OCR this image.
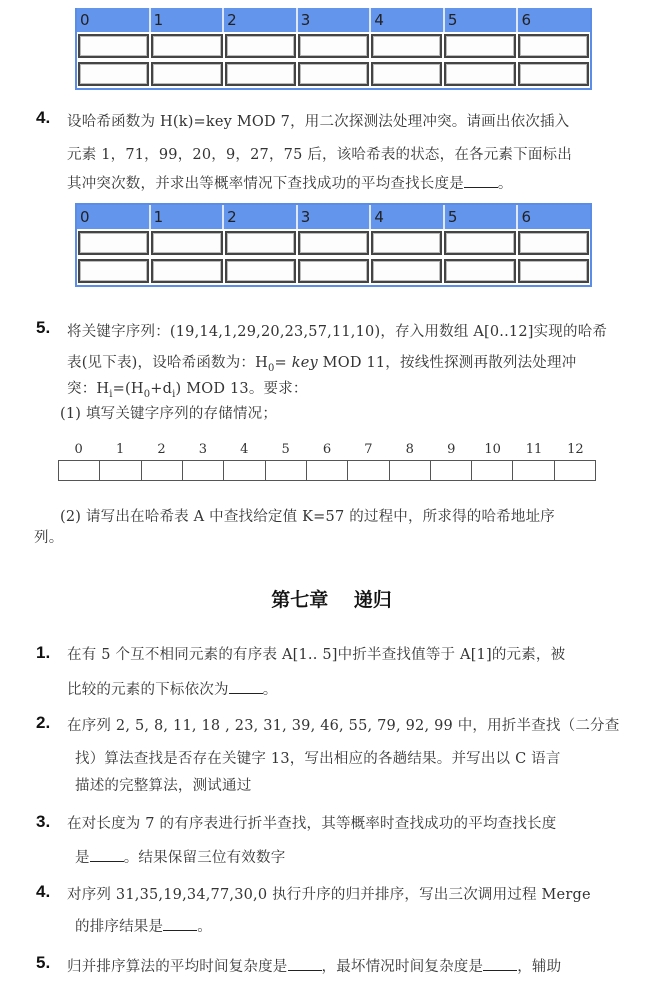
0	1	2	3	4	5	6
4. 设哈希函数为 H(k)=key MOD 7，用二次探测法处理冲突。请画出依次插入
元素 1，71，99，20，9，27，75 后，该哈希表的状态，在各元素下面标出
其冲突次数，并求出等概率情况下查找成功的平均查找长度是 。
0	1	2	3	4	5	6
5. 将关键字序列：(19,14,1,29,20,23,57,11,10)，存入用数组 A[0..12]实现的哈希
表(见下表)，设哈希函数为：$H_0=$ key MOD 11，按线性探测再散列法处理冲
突：$H_i=(H_0+d_i)$ MOD 13。要求：
(1) 填写关键字序列的存储情况；
0	1	2	3	4	5	6	7	8	9	10	11	12
(2) 请写出在哈希表 A 中查找给定值 K=57 的过程中，所求得的哈希地址序
列。
第七章　 递归
1. 在有 5 个互不相同元素的有序表 A[1.. 5]中折半查找值等于 A[1]的元素，被
比较的元素的下标依次为 。
2. 在序列 2, 5, 8, 11, 18 , 23, 31, 39, 46, 55, 79, 92, 99 中，用折半查找（二分查
找）算法查找是否存在关键字 13，写出相应的各趟结果。并写出以 C 语言
描述的完整算法，测试通过
3. 在对长度为 7 的有序表进行折半查找，其等概率时查找成功的平均查找长度
是 。结果保留三位有效数字
4. 对序列 31,35,19,34,77,30,0 执行升序的归并排序，写出三次调用过程 Merge
的排序结果是 。
5. 归并排序算法的平均时间复杂度是 ，最坏情况时间复杂度是 ，辅助
